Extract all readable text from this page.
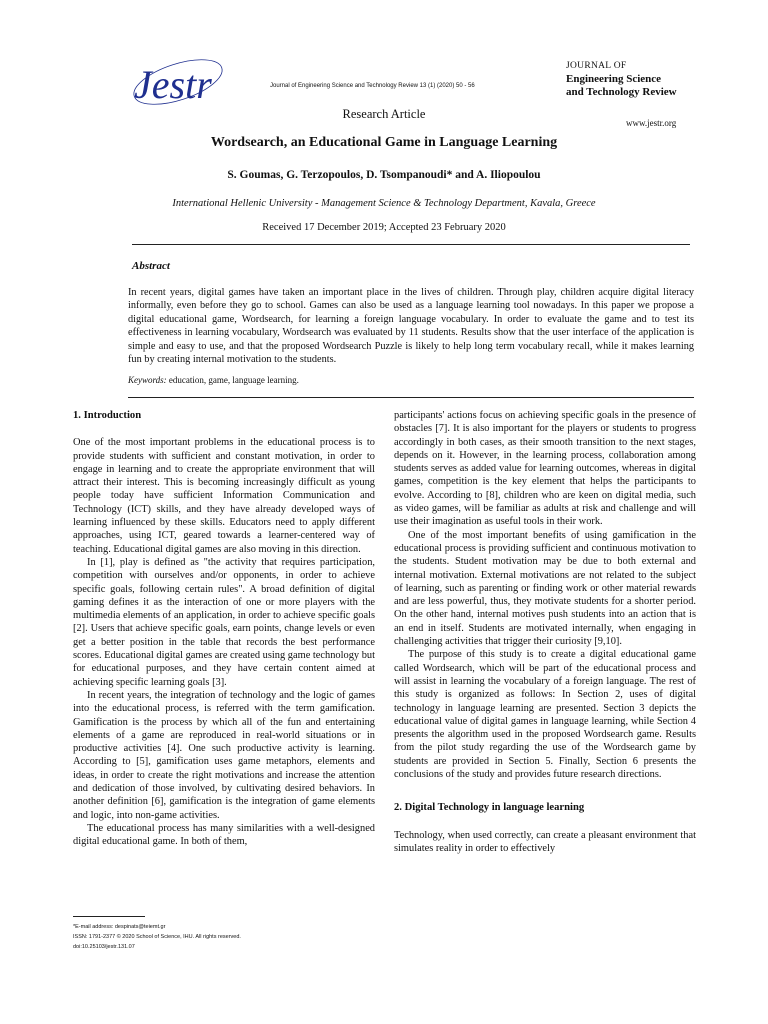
Jestr	Journal of Engineering Science and Technology Review 13 (1) (2020) 50 - 56
JOURNAL OF
Engineering Science
and Technology Review
www.jestr.org
Research Article
Wordsearch, an Educational Game in Language Learning
S. Goumas, G. Terzopoulos, D. Tsompanoudi* and A. Iliopoulou
International Hellenic University - Management Science & Technology Department, Kavala, Greece
Received 17 December 2019; Accepted 23 February 2020
Abstract
In recent years, digital games have taken an important place in the lives of children. Through play, children acquire digital literacy informally, even before they go to school. Games can also be used as a language learning tool nowadays. In this paper we propose a digital educational game, Wordsearch, for learning a foreign language vocabulary. In order to evaluate the game and to test its effectiveness in learning vocabulary, Wordsearch was evaluated by 11 students. Results show that the user interface of the application is simple and easy to use, and that the proposed Wordsearch Puzzle is likely to help long term vocabulary recall, while it makes learning fun by creating internal motivation to the students.
Keywords: education, game, language learning.
1. Introduction

One of the most important problems in the educational process is to provide students with sufficient and constant motivation, in order to engage in learning and to create the appropriate environment that will attract their interest. This is becoming increasingly difficult as young people today have sufficient Information Communication and Technology (ICT) skills, and they have already developed ways of learning influenced by these skills. Educators need to apply different approaches, using ICT, geared towards a learner-centered way of teaching. Educational digital games are also moving in this direction.

In [1], play is defined as "the activity that requires participation, competition with ourselves and/or opponents, in order to achieve specific goals, following certain rules". A broad definition of digital gaming defines it as the interaction of one or more players with the multimedia elements of an application, in order to achieve specific goals [2]. Users that achieve specific goals, earn points, change levels or even get a better position in the table that records the best performance scores. Educational digital games are created using game technology but for educational purposes, and they have certain content aimed at achieving specific learning goals [3].

In recent years, the integration of technology and the logic of games into the educational process, is referred with the term gamification. Gamification is the process by which all of the fun and entertaining elements of a game are reproduced in real-world situations or in productive activities [4]. One such productive activity is learning. According to [5], gamification uses game metaphors, elements and ideas, in order to create the right motivations and increase the attention and dedication of those involved, by cultivating desired behaviors. In another definition [6], gamification is the integration of game elements and logic, into non-game activities.

The educational process has many similarities with a well-designed digital educational game. In both of them,

participants' actions focus on achieving specific goals in the presence of obstacles [7]. It is also important for the players or students to progress accordingly in both cases, as their smooth transition to the next stages, depends on it. However, in the learning process, collaboration among students serves as added value for learning outcomes, whereas in digital games, competition is the key element that helps the participants to evolve. According to [8], children who are keen on digital media, such as video games, will be familiar as adults at risk and challenge and will use their imagination as useful tools in their work.

One of the most important benefits of using gamification in the educational process is providing sufficient and continuous motivation to the students. Student motivation may be due to both external and internal motivation. External motivations are not related to the subject of learning, such as parenting or finding work or other material rewards and are less powerful, thus, they motivate students for a shorter period. On the other hand, internal motives push students into an action that is an end in itself. Students are motivated internally, when engaging in challenging activities that trigger their curiosity [9,10].

The purpose of this study is to create a digital educational game called Wordsearch, which will be part of the educational process and will assist in learning the vocabulary of a foreign language. The rest of this study is organized as follows: In Section 2, uses of digital technology in language learning are presented. Section 3 depicts the educational value of digital games in language learning, while Section 4 presents the algorithm used in the proposed Wordsearch game. Results from the pilot study regarding the use of the Wordsearch game by students are provided in Section 5. Finally, Section 6 presents the conclusions of the study and provides future research directions.

2. Digital Technology in language learning

Technology, when used correctly, can create a pleasant environment that simulates reality in order to effectively

*E-mail address: despinats@teiemt.gr
ISSN: 1791-2377 © 2020 School of Science, IHU. All rights reserved.
doi:10.25103/jestr.131.07
